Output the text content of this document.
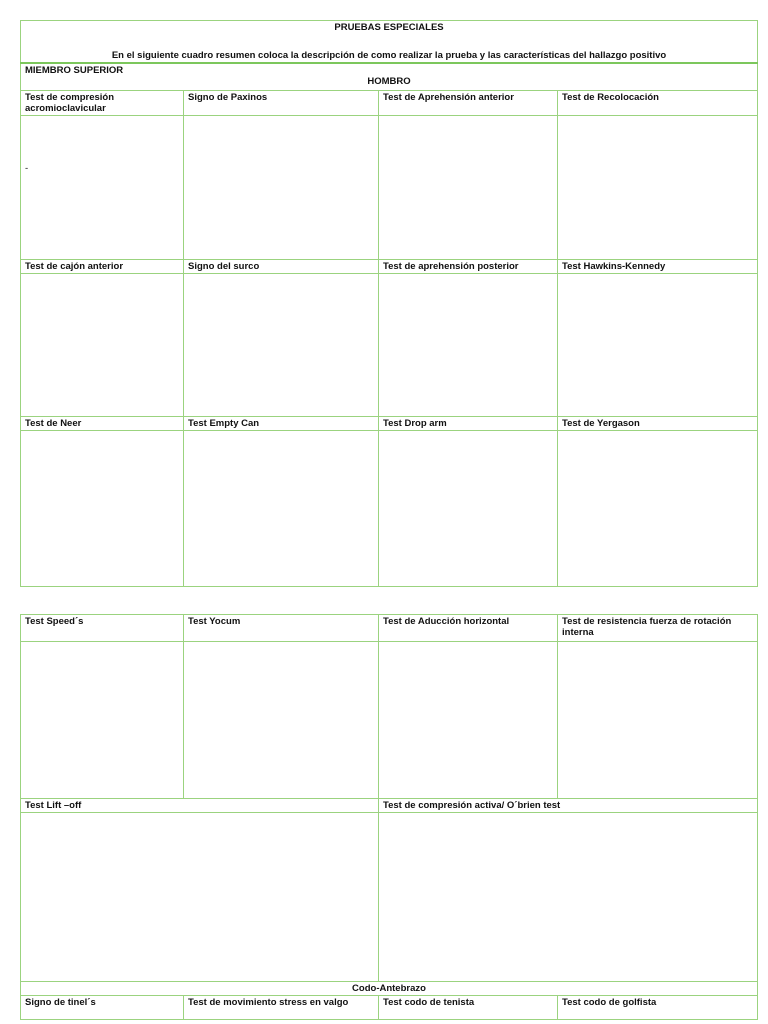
PRUEBAS ESPECIALES			
En el siguiente cuadro resumen coloca la descripción de como realizar la prueba y las características del hallazgo positivo			

MIEMBRO SUPERIOR
HOMBRO			

Test de compresión acromioclavicular	Signo de Paxinos	Test de Aprehensión anterior	Test de Recolocación

-			

Test de cajón anterior	Signo del surco	Test de aprehensión posterior	Test Hawkins-Kennedy

Test de Neer	Test Empty Can	Test Drop arm	Test de Yergason

Test Speed´s	Test Yocum	Test de Aducción horizontal	Test de resistencia fuerza de rotación interna

Test Lift –off		Test de compresión activa/ O´brien test	

Codo-Antebrazo			
Signo de tinel´s	Test de movimiento stress en valgo	Test codo de tenista	Test codo de golfista
